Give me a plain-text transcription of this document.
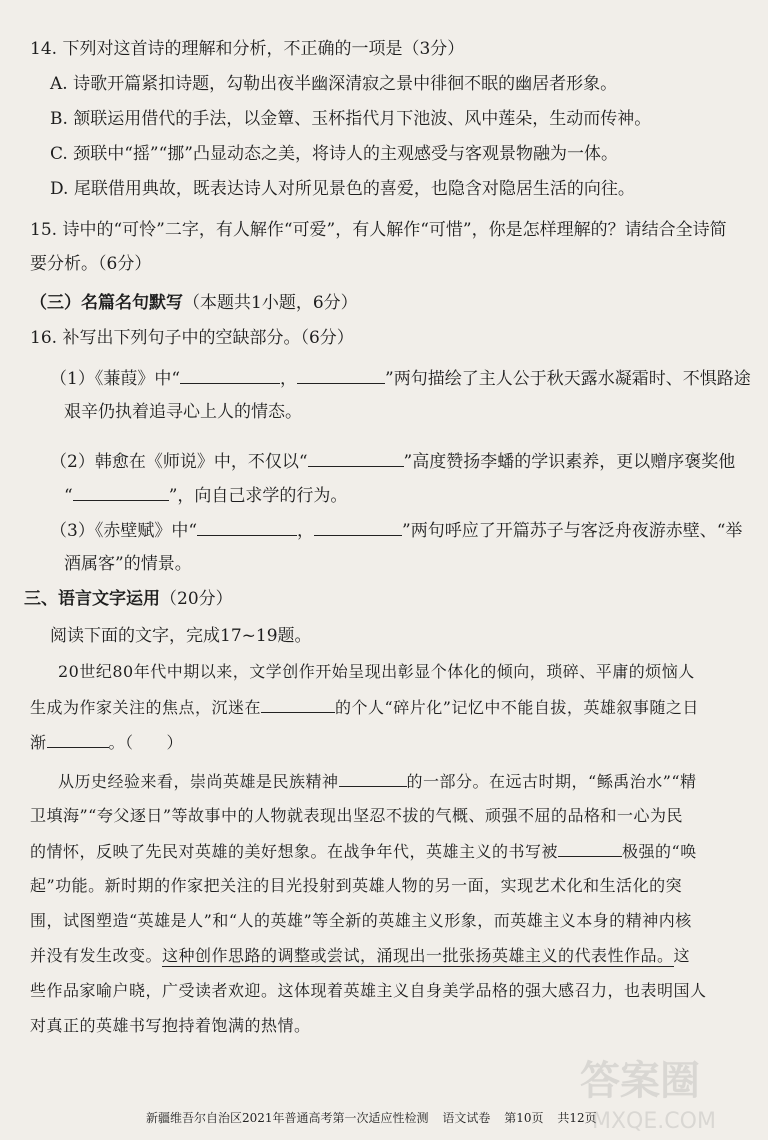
14. 下列对这首诗的理解和分析，不正确的一项是（3分）
A. 诗歌开篇紧扣诗题，勾勒出夜半幽深清寂之景中徘徊不眠的幽居者形象。
B. 颔联运用借代的手法，以金簟、玉杯指代月下池波、风中莲朵，生动而传神。
C. 颈联中“摇”“挪”凸显动态之美，将诗人的主观感受与客观景物融为一体。
D. 尾联借用典故，既表达诗人对所见景色的喜爱，也隐含对隐居生活的向往。
15. 诗中的“可怜”二字，有人解作“可爱”，有人解作“可惜”，你是怎样理解的？请结合全诗简
要分析。（6分）
（三）名篇名句默写（本题共1小题，6分）
16. 补写出下列句子中的空缺部分。（6分）
（1）《蒹葭》中“	，	”两句描绘了主人公于秋天露水凝霜时、不惧路途
艰辛仍执着追寻心上人的情态。
（2）韩愈在《师说》中，不仅以“	”高度赞扬李蟠的学识素养，更以赠序褒奖他
“	”，向自己求学的行为。
（3）《赤壁赋》中“	，	”两句呼应了开篇苏子与客泛舟夜游赤壁、“举
酒属客”的情景。
三、语言文字运用（20分）
阅读下面的文字，完成17~19题。
20世纪80年代中期以来，文学创作开始呈现出彰显个体化的倾向，琐碎、平庸的烦恼人
生成为作家关注的焦点，沉迷在	的个人“碎片化”记忆中不能自拔，英雄叙事随之日
渐	。（　　）
从历史经验来看，崇尚英雄是民族精神	的一部分。在远古时期，“鲧禹治水”“精
卫填海”“夸父逐日”等故事中的人物就表现出坚忍不拔的气概、顽强不屈的品格和一心为民
的情怀，反映了先民对英雄的美好想象。在战争年代，英雄主义的书写被	极强的“唤
起”功能。新时期的作家把关注的目光投射到英雄人物的另一面，实现艺术化和生活化的突
围，试图塑造“英雄是人”和“人的英雄”等全新的英雄主义形象，而英雄主义本身的精神内核
并没有发生改变。这种创作思路的调整或尝试，涌现出一批张扬英雄主义的代表性作品。这
些作品家喻户晓，广受读者欢迎。这体现着英雄主义自身美学品格的强大感召力，也表明国人
对真正的英雄书写抱持着饱满的热情。
新疆维吾尔自治区2021年普通高考第一次适应性检测 语文试卷 第10页 共12页
答案圈
MXQE.COM
